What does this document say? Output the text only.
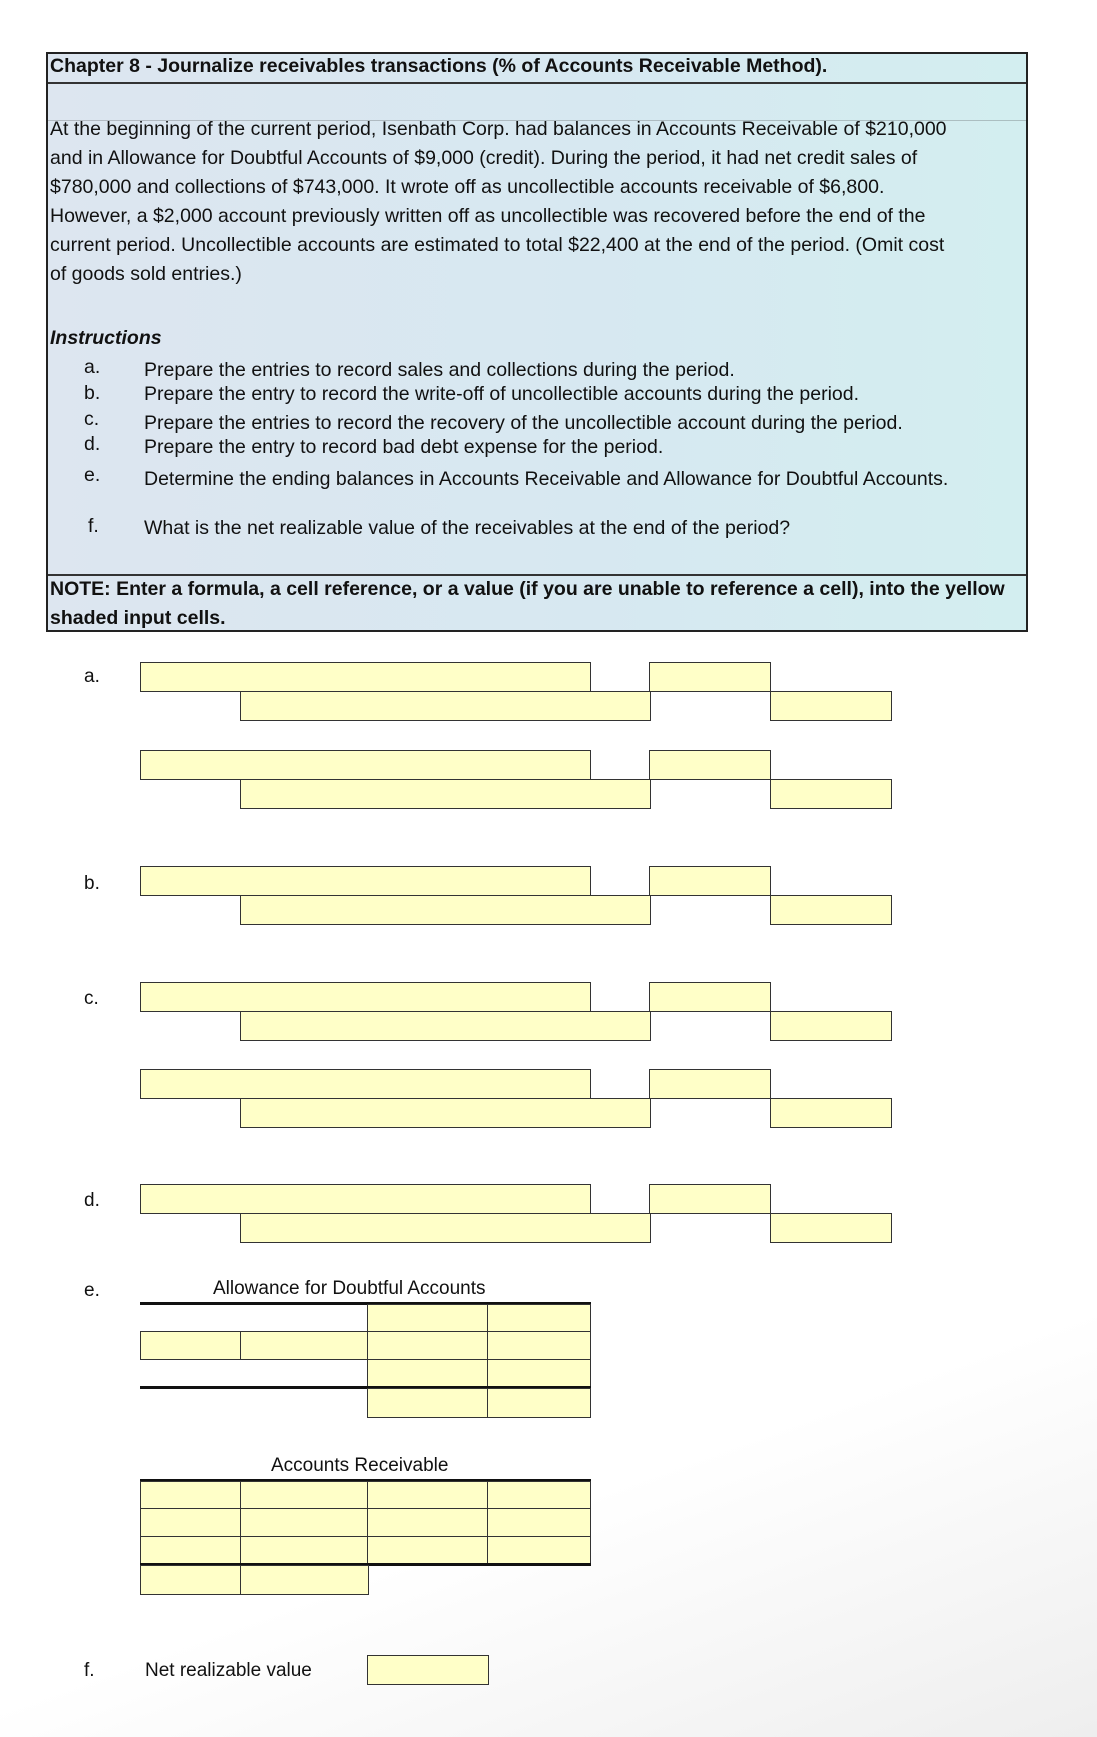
Chapter 8 - Journalize receivables transactions (% of Accounts Receivable Method).
At the beginning of the current period, Isenbath Corp. had balances in Accounts Receivable of $210,000
and in Allowance for Doubtful Accounts of $9,000 (credit). During the period, it had net credit sales of
$780,000 and collections of $743,000. It wrote off as uncollectible accounts receivable of $6,800.
However, a $2,000 account previously written off as uncollectible was recovered before the end of the
current period. Uncollectible accounts are estimated to total $22,400 at the end of the period. (Omit cost
of goods sold entries.)
Instructions
a. Prepare the entries to record sales and collections during the period.
b. Prepare the entry to record the write-off of uncollectible accounts during the period.
c. Prepare the entries to record the recovery of the uncollectible account during the period.
d. Prepare the entry to record bad debt expense for the period.
e. Determine the ending balances in Accounts Receivable and Allowance for Doubtful Accounts.
f. What is the net realizable value of the receivables at the end of the period?
NOTE: Enter a formula, a cell reference, or a value (if you are unable to reference a cell), into the yellow
shaded input cells.
a.
b.
c.
d.
e.	Allowance for Doubtful Accounts
Accounts Receivable
f.	Net realizable value
